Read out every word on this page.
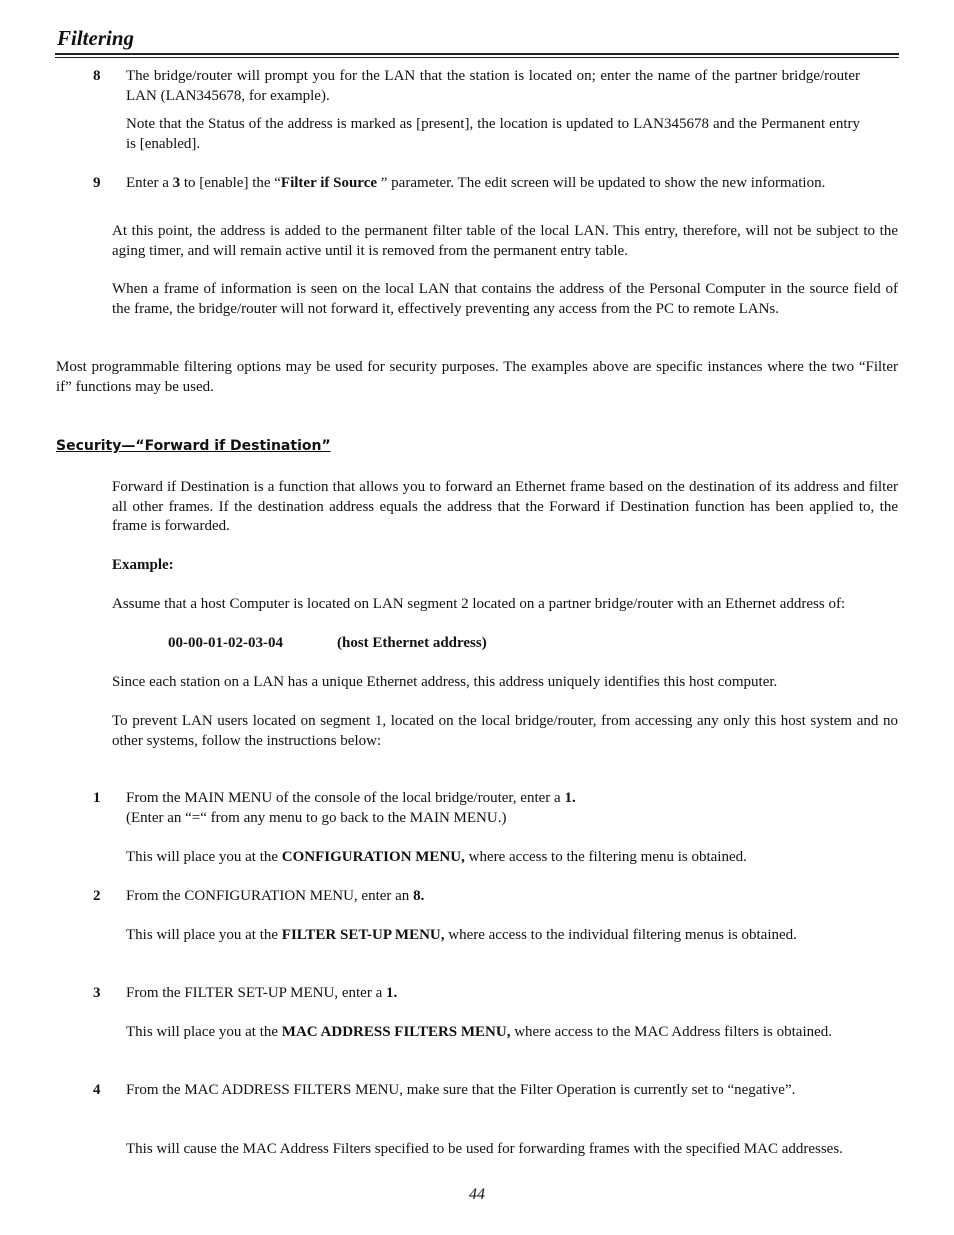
Filtering
8 The bridge/router will prompt you for the LAN that the station is located on; enter the name of the partner bridge/router LAN (LAN345678, for example).

Note that the Status of the address is marked as [present], the location is updated to LAN345678 and the Permanent entry is [enabled].

9 Enter a 3 to [enable] the “Filter if Source ” parameter. The edit screen will be updated to show the new information.

At this point, the address is added to the permanent filter table of the local LAN. This entry, therefore, will not be subject to the aging timer, and will remain active until it is removed from the permanent entry table.

When a frame of information is seen on the local LAN that contains the address of the Personal Computer in the source field of the frame, the bridge/router will not forward it, effectively preventing any access from the PC to remote LANs.

Most programmable filtering options may be used for security purposes. The examples above are specific instances where the two “Filter if” functions may be used.

Security—“Forward if Destination”

Forward if Destination is a function that allows you to forward an Ethernet frame based on the destination of its address and filter all other frames. If the destination address equals the address that the Forward if Destination function has been applied to, the frame is forwarded.

Example:

Assume that a host Computer is located on LAN segment 2 located on a partner bridge/router with an Ethernet address of:

00-00-01-02-03-04	(host Ethernet address)

Since each station on a LAN has a unique Ethernet address, this address uniquely identifies this host computer.

To prevent LAN users located on segment 1, located on the local bridge/router, from accessing any only this host system and no other systems, follow the instructions below:

1 From the MAIN MENU of the console of the local bridge/router, enter a 1.

(Enter an “=“ from any menu to go back to the MAIN MENU.)

This will place you at the CONFIGURATION MENU, where access to the filtering menu is obtained.

2 From the CONFIGURATION MENU, enter an 8.

This will place you at the FILTER SET-UP MENU, where access to the individual filtering menus is obtained.

3 From the FILTER SET-UP MENU, enter a 1.

This will place you at the MAC ADDRESS FILTERS MENU, where access to the MAC Address filters is obtained.

4 From the MAC ADDRESS FILTERS MENU, make sure that the Filter Operation is currently set to “negative”.

This will cause the MAC Address Filters specified to be used for forwarding frames with the specified MAC addresses.

44
